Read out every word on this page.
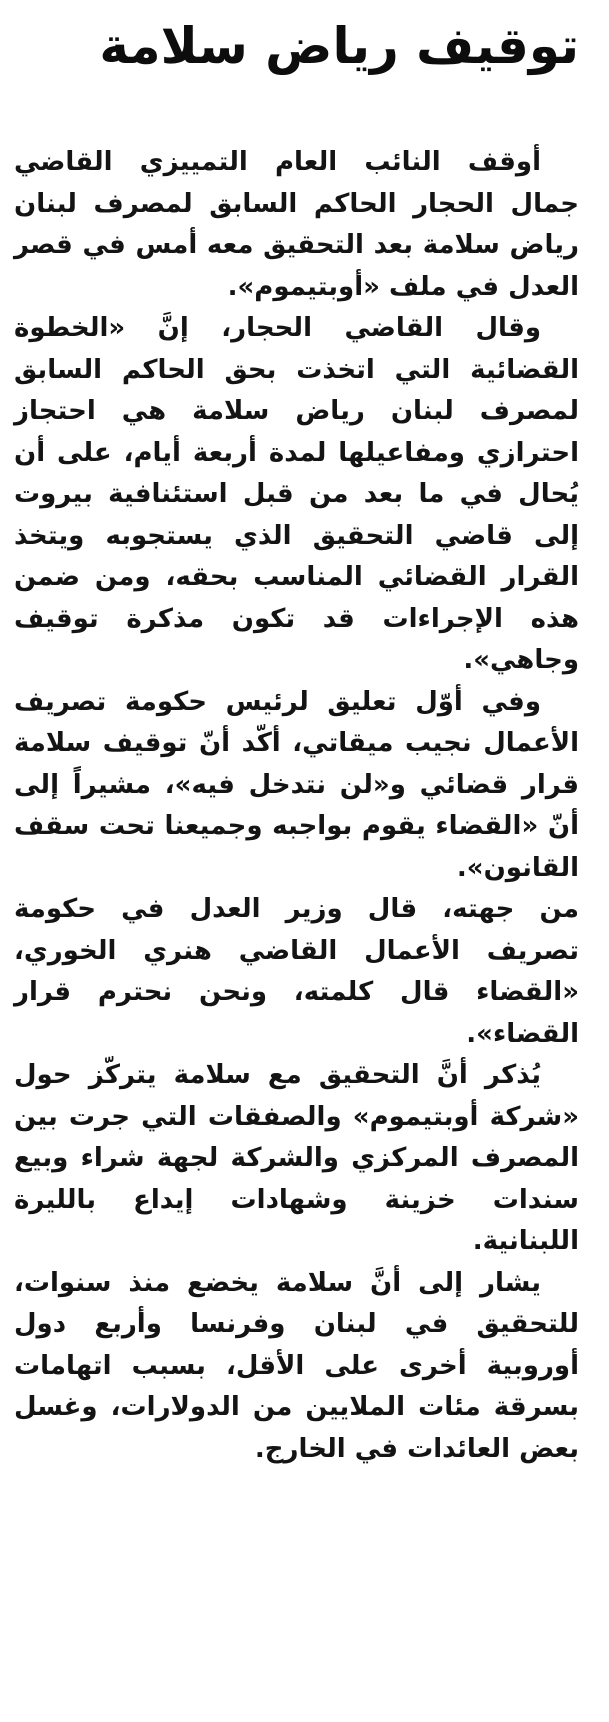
توقيف رياض سلامة

أوقف النائب العام التمييزي القاضي جمال الحجار الحاكم السابق لمصرف لبنان رياض سلامة بعد التحقيق معه أمس في قصر العدل في ملف «أوبتيموم».

وقال القاضي الحجار، إنَّ «الخطوة القضائية التي اتخذت بحق الحاكم السابق لمصرف لبنان رياض سلامة هي احتجاز احترازي ومفاعيلها لمدة أربعة أيام، على أن يُحال في ما بعد من قبل استئنافية بيروت إلى قاضي التحقيق الذي يستجوبه ويتخذ القرار القضائي المناسب بحقه، ومن ضمن هذه الإجراءات قد تكون مذكرة توقيف وجاهي».

وفي أوّل تعليق لرئيس حكومة تصريف الأعمال نجيب ميقاتي، أكّد أنّ توقيف سلامة قرار قضائي و«لن نتدخل فيه»، مشيراً إلى أنّ «القضاء يقوم بواجبه وجميعنا تحت سقف القانون».

من جهته، قال وزير العدل في حكومة تصريف الأعمال القاضي هنري الخوري، «القضاء قال كلمته، ونحن نحترم قرار القضاء».

يُذكر أنَّ التحقيق مع سلامة يتركّز حول «شركة أوبتيموم» والصفقات التي جرت بين المصرف المركزي والشركة لجهة شراء وبيع سندات خزينة وشهادات إيداع بالليرة اللبنانية.

يشار إلى أنَّ سلامة يخضع منذ سنوات، للتحقيق في لبنان وفرنسا وأربع دول أوروبية أخرى على الأقل، بسبب اتهامات بسرقة مئات الملايين من الدولارات، وغسل بعض العائدات في الخارج.
